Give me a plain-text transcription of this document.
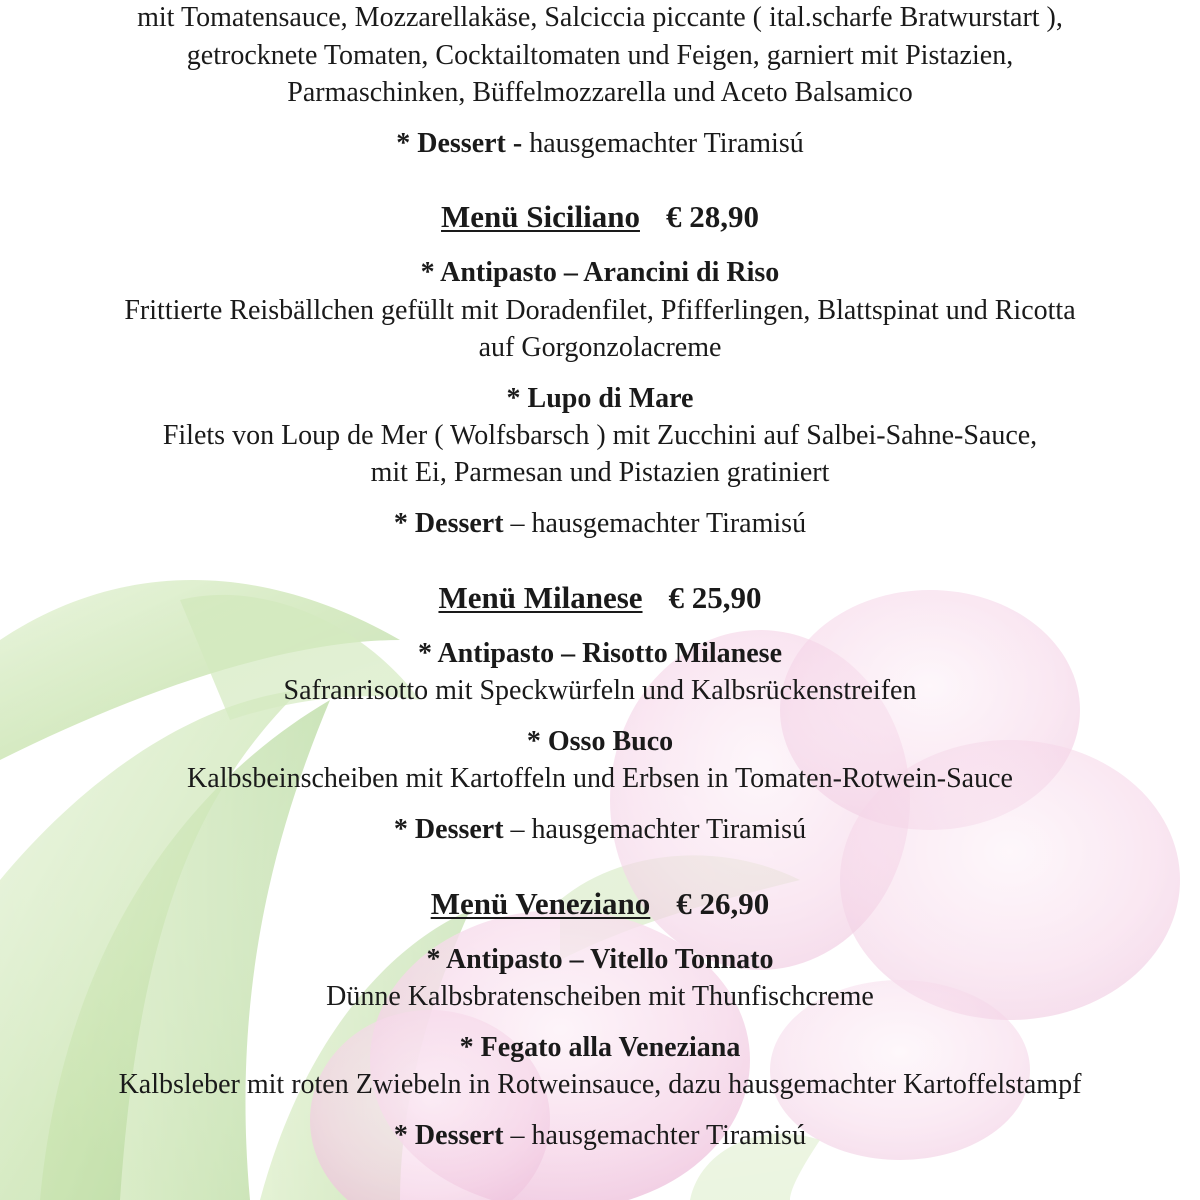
mit Tomatensauce, Mozzarellakäse, Salciccia piccante ( ital.scharfe Bratwurstart ),
getrocknete Tomaten, Cocktailtomaten und Feigen, garniert mit Pistazien,
Parmaschinken, Büffelmozzarella und Aceto Balsamico
* Dessert - hausgemachter Tiramisú
Menü Siciliano € 28,90
* Antipasto – Arancini di Riso
Frittierte Reisbällchen gefüllt mit Doradenfilet, Pfifferlingen, Blattspinat und Ricotta
auf Gorgonzolacreme
* Lupo di Mare
Filets von Loup de Mer ( Wolfsbarsch ) mit Zucchini auf Salbei-Sahne-Sauce,
mit Ei, Parmesan und Pistazien gratiniert
* Dessert – hausgemachter Tiramisú
Menü Milanese € 25,90
* Antipasto – Risotto Milanese
Safranrisotto mit Speckwürfeln und Kalbsrückenstreifen
* Osso Buco
Kalbsbeinscheiben mit Kartoffeln und Erbsen in Tomaten-Rotwein-Sauce
* Dessert – hausgemachter Tiramisú
Menü Veneziano € 26,90
* Antipasto – Vitello Tonnato
Dünne Kalbsbratenscheiben mit Thunfischcreme
* Fegato alla Veneziana
Kalbsleber mit roten Zwiebeln in Rotweinsauce, dazu hausgemachter Kartoffelstampf
* Dessert – hausgemachter Tiramisú
